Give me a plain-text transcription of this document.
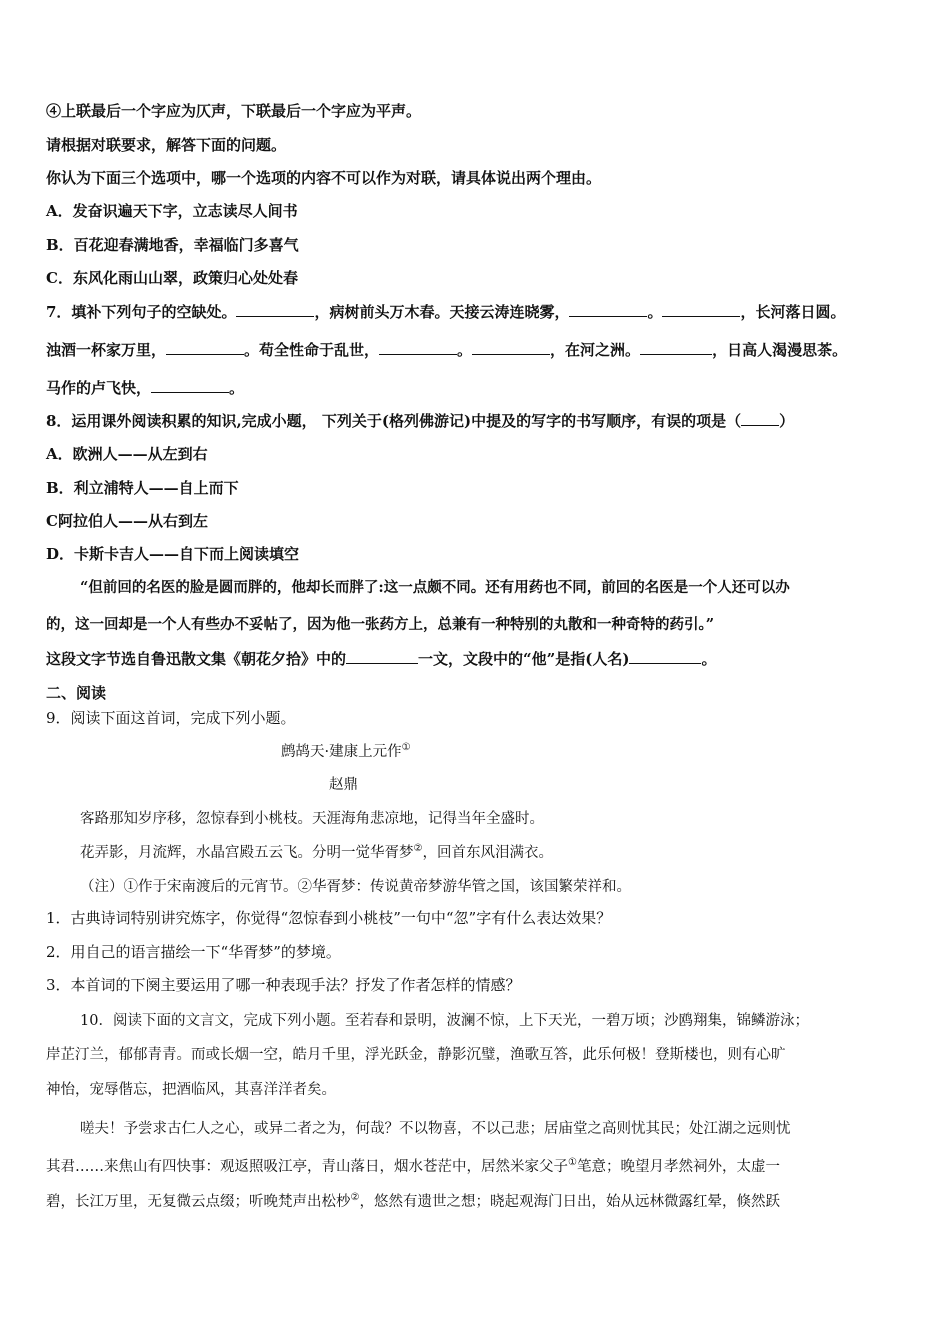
④上联最后一个字应为仄声，下联最后一个字应为平声。
请根据对联要求，解答下面的问题。
你认为下面三个选项中，哪一个选项的内容不可以作为对联，请具体说出两个理由。
A．发奋识遍天下字，立志读尽人间书
B．百花迎春满地香，幸福临门多喜气
C．东风化雨山山翠，政策归心处处春
7．填补下列句子的空缺处。	，病树前头万木春。天接云涛连晓雾，	。	，长河落日圆。
浊酒一杯家万里，	。苟全性命于乱世，	。	，在河之洲。	，日高人渴漫思茶。
马作的卢飞快，	。
8．运用课外阅读积累的知识,完成小题， 下列关于(格列佛游记)中提及的写字的书写顺序，有误的项是（	）
A．欧洲人——从左到右
B．利立浦特人——自上而下
C阿拉伯人——从右到左
D．卡斯卡吉人——自下而上阅读填空
“但前回的名医的脸是圆而胖的，他却长而胖了:这一点颇不同。还有用药也不同，前回的名医是一个人还可以办
的，这一回却是一个人有些办不妥帖了，因为他一张药方上，总兼有一种特别的丸散和一种奇特的药引。”
这段文字节选自鲁迅散文集《朝花夕拾》中的	一文，文段中的“他”是指(人名)	。
二、阅读
9．阅读下面这首词，完成下列小题。
鹧鸪天·建康上元作①
赵鼎
客路那知岁序移，忽惊春到小桃枝。天涯海角悲凉地，记得当年全盛时。
花弄影，月流辉，水晶宫殿五云飞。分明一觉华胥梦②，回首东风泪满衣。
（注）①作于宋南渡后的元宵节。②华胥梦：传说黄帝梦游华管之国，该国繁荣祥和。
1．古典诗词特别讲究炼字，你觉得“忽惊春到小桃枝”一句中“忽”字有什么表达效果？
2．用自己的语言描绘一下“华胥梦”的梦境。
3．本首词的下阕主要运用了哪一种表现手法？抒发了作者怎样的情感？
10．阅读下面的文言文，完成下列小题。至若春和景明，波澜不惊，上下天光，一碧万顷；沙鸥翔集，锦鳞游泳；
岸芷汀兰，郁郁青青。而或长烟一空，皓月千里，浮光跃金，静影沉璧，渔歌互答，此乐何极！登斯楼也，则有心旷
神怡，宠辱偕忘，把酒临风，其喜洋洋者矣。
嗟夫！予尝求古仁人之心，或异二者之为，何哉？不以物喜，不以己悲；居庙堂之高则忧其民；处江湖之远则忧
其君……来焦山有四快事：观返照吸江亭，青山落日，烟水苍茫中，居然米家父子①笔意；晚望月孝然祠外，太虚一
碧，长江万里，无复微云点缀；听晚梵声出松杪②，悠然有遗世之想；晓起观海门日出，始从远林微露红晕，倏然跃
